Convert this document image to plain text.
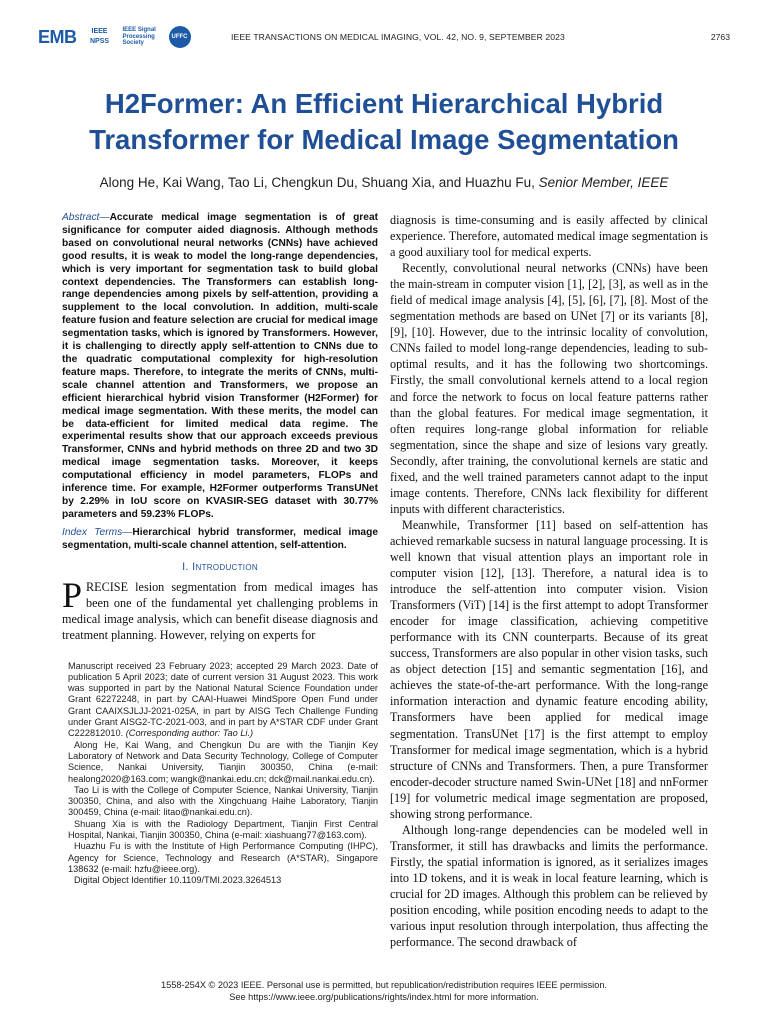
EMB	IEEE NPSS
IEEE Signal Processing Society
UFFC	IEEE TRANSACTIONS ON MEDICAL IMAGING, VOL. 42, NO. 9, SEPTEMBER 2023	2763
H2Former: An Efficient Hierarchical Hybrid Transformer for Medical Image Segmentation
Along He, Kai Wang, Tao Li, Chengkun Du, Shuang Xia, and Huazhu Fu, Senior Member, IEEE
Abstract—Accurate medical image segmentation is of great significance for computer aided diagnosis. Although methods based on convolutional neural networks (CNNs) have achieved good results, it is weak to model the long-range dependencies, which is very important for segmentation task to build global context dependencies. The Transformers can establish long-range dependencies among pixels by self-attention, providing a supplement to the local convolution. In addition, multi-scale feature fusion and feature selection are crucial for medical image segmentation tasks, which is ignored by Transformers. However, it is challenging to directly apply self-attention to CNNs due to the quadratic computational complexity for high-resolution feature maps. Therefore, to integrate the merits of CNNs, multi-scale channel attention and Transformers, we propose an efficient hierarchical hybrid vision Transformer (H2Former) for medical image segmentation. With these merits, the model can be data-efficient for limited medical data regime. The experimental results show that our approach exceeds previous Transformer, CNNs and hybrid methods on three 2D and two 3D medical image segmentation tasks. Moreover, it keeps computational efficiency in model parameters, FLOPs and inference time. For example, H2Former outperforms TransUNet by 2.29% in IoU score on KVASIR-SEG dataset with 30.77% parameters and 59.23% FLOPs.
Index Terms—Hierarchical hybrid transformer, medical image segmentation, multi-scale channel attention, self-attention.
I. Introduction
PRECISE lesion segmentation from medical images has been one of the fundamental yet challenging problems in medical image analysis, which can benefit disease diagnosis and treatment planning. However, relying on experts for

Manuscript received 23 February 2023; accepted 29 March 2023. Date of publication 5 April 2023; date of current version 31 August 2023. This work was supported in part by the National Natural Science Foundation under Grant 62272248, in part by CAAI-Huawei MindSpore Open Fund under Grant CAAIXSJLJJ-2021-025A, in part by AISG Tech Challenge Funding under Grant AISG2-TC-2021-003, and in part by A*STAR CDF under Grant C222812010. (Corresponding author: Tao Li.)

Along He, Kai Wang, and Chengkun Du are with the Tianjin Key Laboratory of Network and Data Security Technology, College of Computer Science, Nankai University, Tianjin 300350, China (e-mail: healong2020@163.com; wangk@nankai.edu.cn; dck@mail.nankai.edu.cn).

Tao Li is with the College of Computer Science, Nankai University, Tianjin 300350, China, and also with the Xingchuang Haihe Laboratory, Tianjin 300459, China (e-mail: litao@nankai.edu.cn).

Shuang Xia is with the Radiology Department, Tianjin First Central Hospital, Nankai, Tianjin 300350, China (e-mail: xiashuang77@163.com).

Huazhu Fu is with the Institute of High Performance Computing (IHPC), Agency for Science, Technology and Research (A*STAR), Singapore 138632 (e-mail: hzfu@ieee.org).

Digital Object Identifier 10.1109/TMI.2023.3264513

diagnosis is time-consuming and is easily affected by clinical experience. Therefore, automated medical image segmentation is a good auxiliary tool for medical experts.

Recently, convolutional neural networks (CNNs) have been the main-stream in computer vision [1], [2], [3], as well as in the field of medical image analysis [4], [5], [6], [7], [8]. Most of the segmentation methods are based on UNet [7] or its variants [8], [9], [10]. However, due to the intrinsic locality of convolution, CNNs failed to model long-range dependencies, leading to sub-optimal results, and it has the following two shortcomings. Firstly, the small convolutional kernels attend to a local region and force the network to focus on local feature patterns rather than the global features. For medical image segmentation, it often requires long-range global information for reliable segmentation, since the shape and size of lesions vary greatly. Secondly, after training, the convolutional kernels are static and fixed, and the well trained parameters cannot adapt to the input image contents. Therefore, CNNs lack flexibility for different inputs with different characteristics.

Meanwhile, Transformer [11] based on self-attention has achieved remarkable sucsess in natural language processing. It is well known that visual attention plays an important role in computer vision [12], [13]. Therefore, a natural idea is to introduce the self-attention into computer vision. Vision Transformers (ViT) [14] is the first attempt to adopt Transformer encoder for image classification, achieving competitive performance with its CNN counterparts. Because of its great success, Transformers are also popular in other vision tasks, such as object detection [15] and semantic segmentation [16], and achieves the state-of-the-art performance. With the long-range information interaction and dynamic feature encoding ability, Transformers have been applied for medical image segmentation. TransUNet [17] is the first attempt to employ Transformer for medical image segmentation, which is a hybrid structure of CNNs and Transformers. Then, a pure Transformer encoder-decoder structure named Swin-UNet [18] and nnFormer [19] for volumetric medical image segmentation are proposed, showing strong performance.

Although long-range dependencies can be modeled well in Transformer, it still has drawbacks and limits the performance. Firstly, the spatial information is ignored, as it serializes images into 1D tokens, and it is weak in local feature learning, which is crucial for 2D images. Although this problem can be relieved by position encoding, while position encoding needs to adapt to the various input resolution through interpolation, thus affecting the performance. The second drawback of

1558-254X © 2023 IEEE. Personal use is permitted, but republication/redistribution requires IEEE permission.
See https://www.ieee.org/publications/rights/index.html for more information.
